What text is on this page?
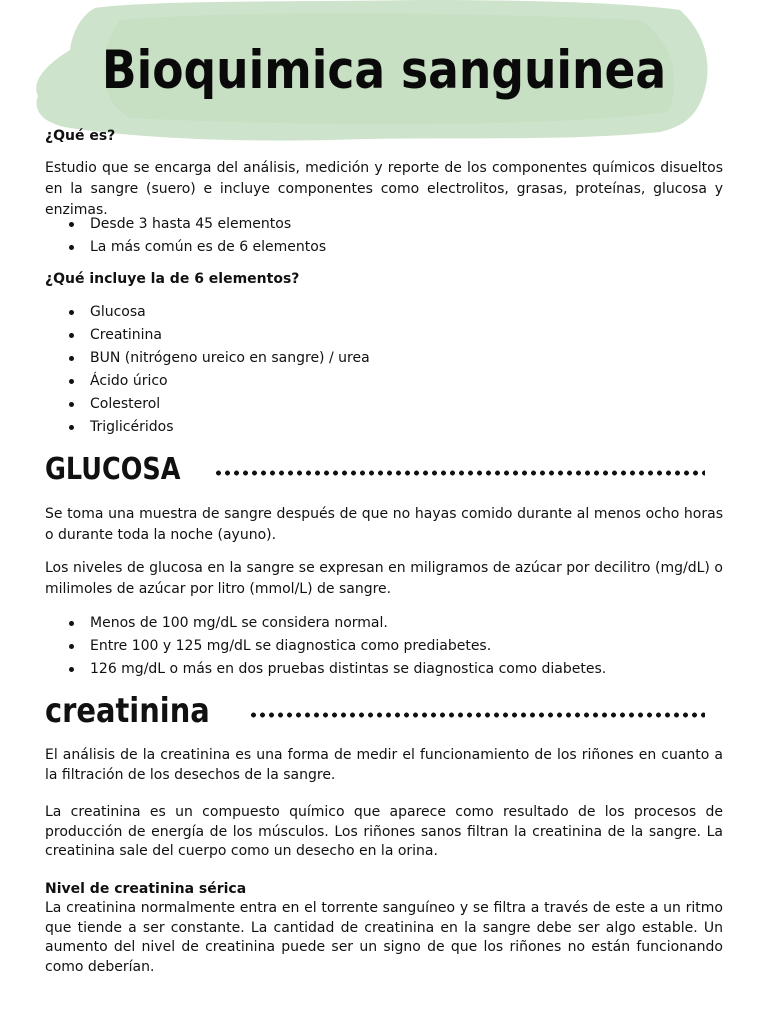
Bioquimica sanguinea

¿Qué es?

Estudio que se encarga del análisis, medición y reporte de los componentes químicos disueltos en la sangre (suero) e incluye componentes como electrolitos, grasas, proteínas, glucosa y enzimas.

Desde 3 hasta 45 elementos
La más común es de 6 elementos

¿Qué incluye la de 6 elementos?

Glucosa
Creatinina
BUN (nitrógeno ureico en sangre) / urea
Ácido úrico
Colesterol
Triglicéridos
GLUCOSA

Se toma una muestra de sangre después de que no hayas comido durante al menos ocho horas o durante toda la noche (ayuno).

Los niveles de glucosa en la sangre se expresan en miligramos de azúcar por decilitro (mg/dL) o milimoles de azúcar por litro (mmol/L) de sangre.

Menos de 100 mg/dL se considera normal.
Entre 100 y 125 mg/dL se diagnostica como prediabetes.
126 mg/dL o más en dos pruebas distintas se diagnostica como diabetes.
creatinina

El análisis de la creatinina es una forma de medir el funcionamiento de los riñones en cuanto a la filtración de los desechos de la sangre.

La creatinina es un compuesto químico que aparece como resultado de los procesos de producción de energía de los músculos. Los riñones sanos filtran la creatinina de la sangre. La creatinina sale del cuerpo como un desecho en la orina.

Nivel de creatinina sérica

La creatinina normalmente entra en el torrente sanguíneo y se filtra a través de este a un ritmo que tiende a ser constante. La cantidad de creatinina en la sangre debe ser algo estable. Un aumento del nivel de creatinina puede ser un signo de que los riñones no están funcionando como deberían.
